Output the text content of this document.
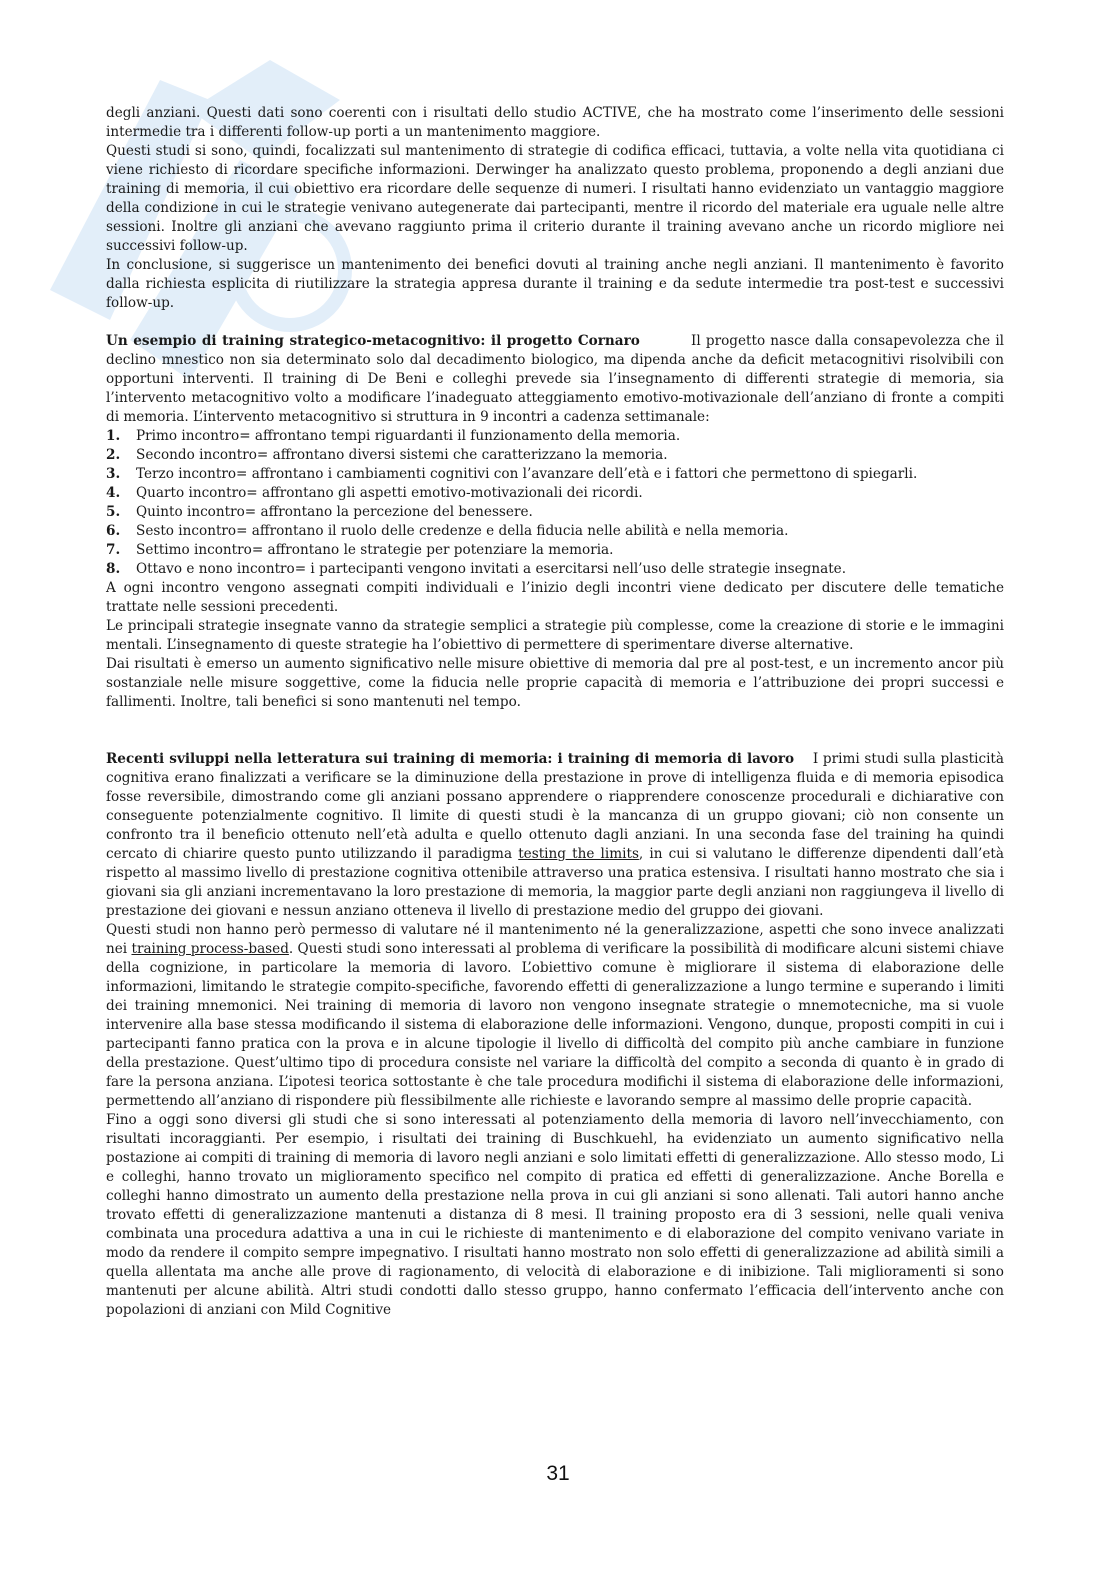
degli anziani. Questi dati sono coerenti con i risultati dello studio ACTIVE, che ha mostrato come l’inserimento delle sessioni intermedie tra i differenti follow-up porti a un mantenimento maggiore.

Questi studi si sono, quindi, focalizzati sul mantenimento di strategie di codifica efficaci, tuttavia, a volte nella vita quotidiana ci viene richiesto di ricordare specifiche informazioni. Derwinger ha analizzato questo problema, proponendo a degli anziani due training di memoria, il cui obiettivo era ricordare delle sequenze di numeri. I risultati hanno evidenziato un vantaggio maggiore della condizione in cui le strategie venivano autegenerate dai partecipanti, mentre il ricordo del materiale era uguale nelle altre sessioni. Inoltre gli anziani che avevano raggiunto prima il criterio durante il training avevano anche un ricordo migliore nei successivi follow-up.

In conclusione, si suggerisce un mantenimento dei benefici dovuti al training anche negli anziani. Il mantenimento è favorito dalla richiesta esplicita di riutilizzare la strategia appresa durante il training e da sedute intermedie tra post-test e successivi follow-up.

Un esempio di training strategico-metacognitivo: il progetto Cornaro	Il progetto nasce dalla consapevolezza che il declino mnestico non sia determinato solo dal decadimento biologico, ma dipenda anche da deficit metacognitivi risolvibili con opportuni interventi. Il training di De Beni e colleghi prevede sia l’insegnamento di differenti strategie di memoria, sia l’intervento metacognitivo volto a modificare l’inadeguato atteggiamento emotivo-motivazionale dell’anziano di fronte a compiti di memoria. L’intervento metacognitivo si struttura in 9 incontri a cadenza settimanale:

1. Primo incontro= affrontano tempi riguardanti il funzionamento della memoria.
2. Secondo incontro= affrontano diversi sistemi che caratterizzano la memoria.
3. Terzo incontro= affrontano i cambiamenti cognitivi con l’avanzare dell’età e i fattori che permettono di spiegarli.
4. Quarto incontro= affrontano gli aspetti emotivo-motivazionali dei ricordi.
5. Quinto incontro= affrontano la percezione del benessere.
6. Sesto incontro= affrontano il ruolo delle credenze e della fiducia nelle abilità e nella memoria.
7. Settimo incontro= affrontano le strategie per potenziare la memoria.
8. Ottavo e nono incontro= i partecipanti vengono invitati a esercitarsi nell’uso delle strategie insegnate.

A ogni incontro vengono assegnati compiti individuali e l’inizio degli incontri viene dedicato per discutere delle tematiche trattate nelle sessioni precedenti.

Le principali strategie insegnate vanno da strategie semplici a strategie più complesse, come la creazione di storie e le immagini mentali. L’insegnamento di queste strategie ha l’obiettivo di permettere di sperimentare diverse alternative.

Dai risultati è emerso un aumento significativo nelle misure obiettive di memoria dal pre al post-test, e un incremento ancor più sostanziale nelle misure soggettive, come la fiducia nelle proprie capacità di memoria e l’attribuzione dei propri successi e fallimenti. Inoltre, tali benefici si sono mantenuti nel tempo.

Recenti sviluppi nella letteratura sui training di memoria: i training di memoria di lavoro I primi studi sulla plasticità cognitiva erano finalizzati a verificare se la diminuzione della prestazione in prove di intelligenza fluida e di memoria episodica fosse reversibile, dimostrando come gli anziani possano apprendere o riapprendere conoscenze procedurali e dichiarative con conseguente potenzialmente cognitivo. Il limite di questi studi è la mancanza di un gruppo giovani; ciò non consente un confronto tra il beneficio ottenuto nell’età adulta e quello ottenuto dagli anziani. In una seconda fase del training ha quindi cercato di chiarire questo punto utilizzando il paradigma testing the limits, in cui si valutano le differenze dipendenti dall’età rispetto al massimo livello di prestazione cognitiva ottenibile attraverso una pratica estensiva. I risultati hanno mostrato che sia i giovani sia gli anziani incrementavano la loro prestazione di memoria, la maggior parte degli anziani non raggiungeva il livello di prestazione dei giovani e nessun anziano otteneva il livello di prestazione medio del gruppo dei giovani.

Questi studi non hanno però permesso di valutare né il mantenimento né la generalizzazione, aspetti che sono invece analizzati nei training process-based. Questi studi sono interessati al problema di verificare la possibilità di modificare alcuni sistemi chiave della cognizione, in particolare la memoria di lavoro. L’obiettivo comune è migliorare il sistema di elaborazione delle informazioni, limitando le strategie compito-specifiche, favorendo effetti di generalizzazione a lungo termine e superando i limiti dei training mnemonici. Nei training di memoria di lavoro non vengono insegnate strategie o mnemotecniche, ma si vuole intervenire alla base stessa modificando il sistema di elaborazione delle informazioni. Vengono, dunque, proposti compiti in cui i partecipanti fanno pratica con la prova e in alcune tipologie il livello di difficoltà del compito più anche cambiare in funzione della prestazione. Quest’ultimo tipo di procedura consiste nel variare la difficoltà del compito a seconda di quanto è in grado di fare la persona anziana. L’ipotesi teorica sottostante è che tale procedura modifichi il sistema di elaborazione delle informazioni, permettendo all’anziano di rispondere più flessibilmente alle richieste e lavorando sempre al massimo delle proprie capacità.

Fino a oggi sono diversi gli studi che si sono interessati al potenziamento della memoria di lavoro nell’invecchiamento, con risultati incoraggianti. Per esempio, i risultati dei training di Buschkuehl, ha evidenziato un aumento significativo nella postazione ai compiti di training di memoria di lavoro negli anziani e solo limitati effetti di generalizzazione. Allo stesso modo, Li e colleghi, hanno trovato un miglioramento specifico nel compito di pratica ed effetti di generalizzazione. Anche Borella e colleghi hanno dimostrato un aumento della prestazione nella prova in cui gli anziani si sono allenati. Tali autori hanno anche trovato effetti di generalizzazione mantenuti a distanza di 8 mesi. Il training proposto era di 3 sessioni, nelle quali veniva combinata una procedura adattiva a una in cui le richieste di mantenimento e di elaborazione del compito venivano variate in modo da rendere il compito sempre impegnativo. I risultati hanno mostrato non solo effetti di generalizzazione ad abilità simili a quella allentata ma anche alle prove di ragionamento, di velocità di elaborazione e di inibizione. Tali miglioramenti si sono mantenuti per alcune abilità. Altri studi condotti dallo stesso gruppo, hanno confermato l’efficacia dell’intervento anche con popolazioni di anziani con Mild Cognitive

31
